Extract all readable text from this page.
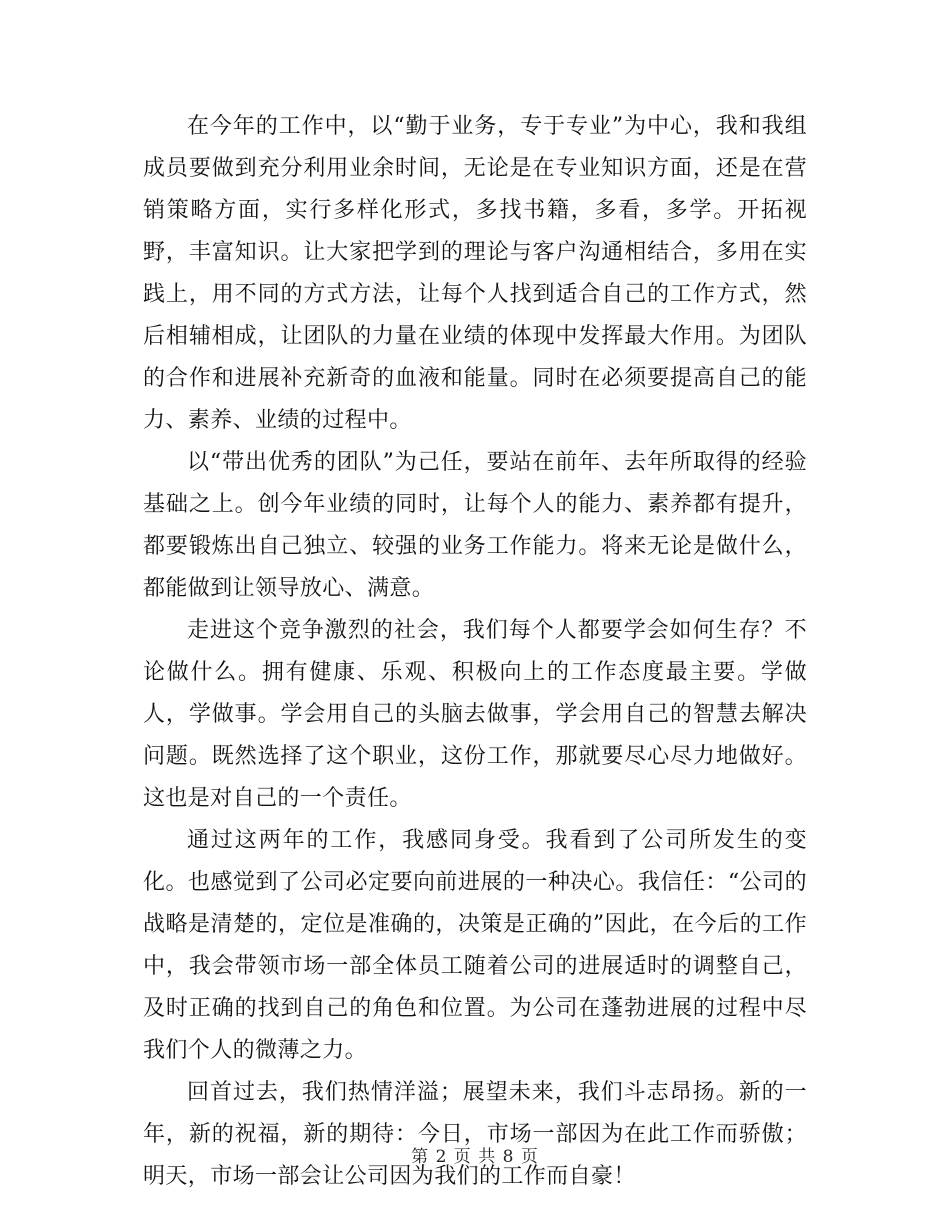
在今年的工作中，以“勤于业务，专于专业”为中心，我和我组成员要做到充分利用业余时间，无论是在专业知识方面，还是在营销策略方面，实行多样化形式，多找书籍，多看，多学。开拓视野，丰富知识。让大家把学到的理论与客户沟通相结合，多用在实践上，用不同的方式方法，让每个人找到适合自己的工作方式，然后相辅相成，让团队的力量在业绩的体现中发挥最大作用。为团队的合作和进展补充新奇的血液和能量。同时在必须要提高自己的能力、素养、业绩的过程中。

以“带出优秀的团队”为己任，要站在前年、去年所取得的经验基础之上。创今年业绩的同时，让每个人的能力、素养都有提升，都要锻炼出自己独立、较强的业务工作能力。将来无论是做什么，都能做到让领导放心、满意。

走进这个竞争激烈的社会，我们每个人都要学会如何生存？不论做什么。拥有健康、乐观、积极向上的工作态度最主要。学做人，学做事。学会用自己的头脑去做事，学会用自己的智慧去解决问题。既然选择了这个职业，这份工作，那就要尽心尽力地做好。这也是对自己的一个责任。

通过这两年的工作，我感同身受。我看到了公司所发生的变化。也感觉到了公司必定要向前进展的一种决心。我信任：“公司的战略是清楚的，定位是准确的，决策是正确的”因此，在今后的工作中，我会带领市场一部全体员工随着公司的进展适时的调整自己，及时正确的找到自己的角色和位置。为公司在蓬勃进展的过程中尽我们个人的微薄之力。

回首过去，我们热情洋溢；展望未来，我们斗志昂扬。新的一年，新的祝福，新的期待：今日，市场一部因为在此工作而骄傲；明天，市场一部会让公司因为我们的工作而自豪！

第 2 页 共 8 页
